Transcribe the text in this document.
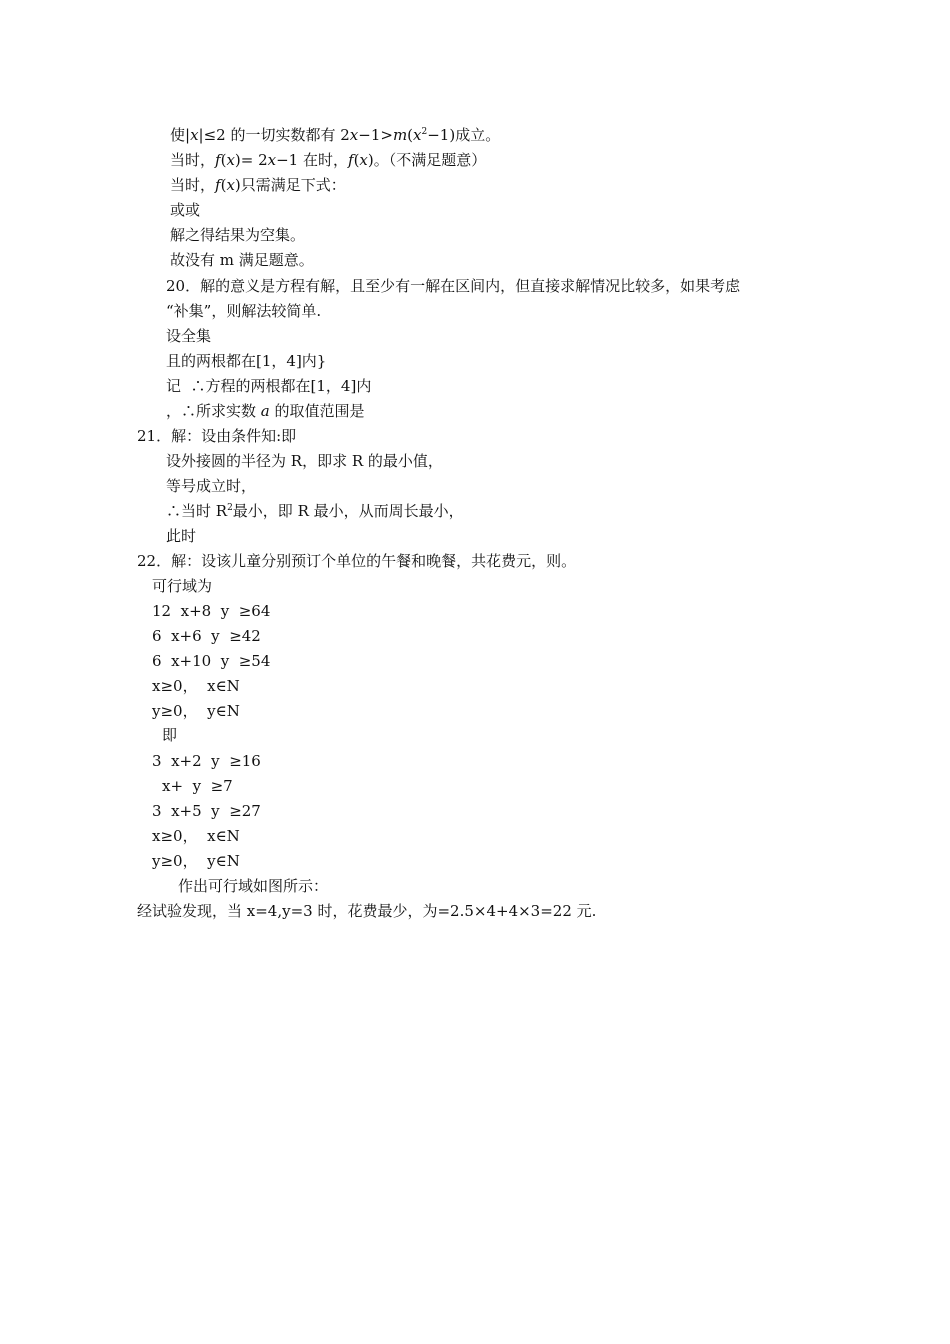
使|x|≤2 的一切实数都有 $2x-1>m(x^2-1)$成立。
当时，f(x)= 2x−1 在时，f(x)。（不满足题意）
当时，f(x)只需满足下式：
或或
解之得结果为空集。
故没有 m 满足题意。
20．解的意义是方程有解，且至少有一解在区间内，但直接求解情况比较多，如果考虑
“补集”，则解法较简单.
设全集
且的两根都在[1，4]内}
记  ∴方程的两根都在[1，4]内
，∴所求实数 a 的取值范围是
21．解：设由条件知:即
设外接圆的半径为 R，即求 R 的最小值，
等号成立时，
∴当时 $R^2$最小，即 R 最小，从而周长最小，
此时
22．解：设该儿童分别预订个单位的午餐和晚餐，共花费元，则。
可行域为
12  x+8  y  ≥64
6  x+6  y  ≥42
6  x+10  y  ≥54
x≥0，  x∈N
y≥0，  y∈N
即
3  x+2  y  ≥16
x+  y  ≥7
3  x+5  y  ≥27
x≥0，  x∈N
y≥0，  y∈N
作出可行域如图所示：
经试验发现，当 x=4,y=3 时，花费最少，为=2.5×4+4×3=22 元.
